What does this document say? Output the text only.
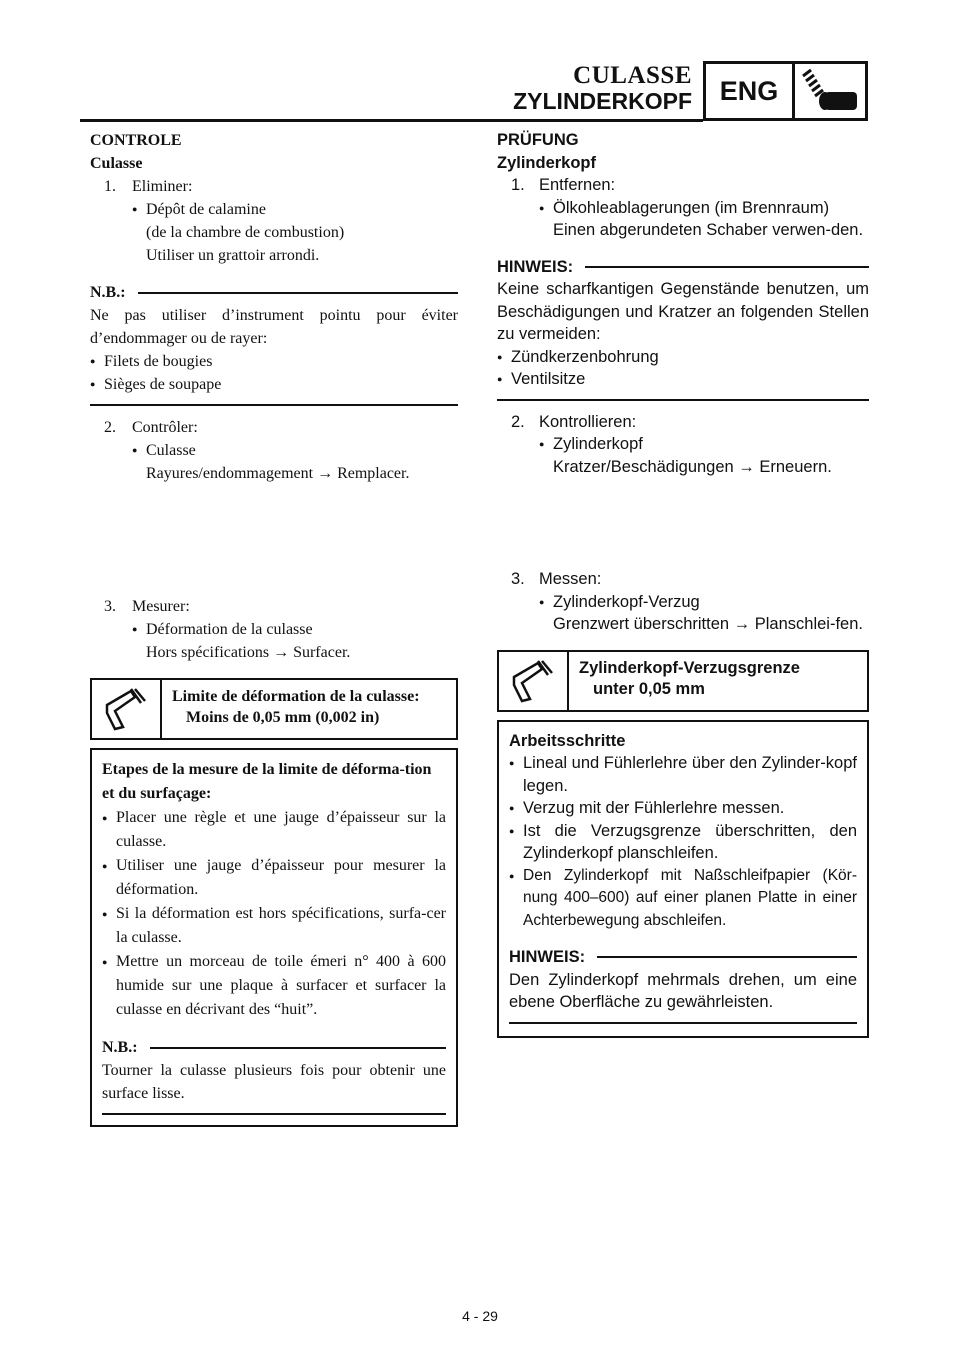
CULASSE
ZYLINDERKOPF	ENG
CONTROLE
Culasse
1. Eliminer:
● Dépôt de calamine
(de la chambre de combustion)
Utiliser un grattoir arrondi.
N.B.:
Ne pas utiliser d’instrument pointu pour éviter d’endommager ou de rayer:
● Filets de bougies
● Sièges de soupape
2. Contrôler:
● Culasse
Rayures/endommagement → Remplacer.
3. Mesurer:
● Déformation de la culasse
Hors spécifications → Surfacer.
Limite de déformation de la culasse:
Moins de 0,05 mm (0,002 in)
Etapes de la mesure de la limite de déforma-tion et du surfaçage:
● Placer une règle et une jauge d’épaisseur sur la culasse.
● Utiliser une jauge d’épaisseur pour mesurer la déformation.
● Si la déformation est hors spécifications, surfa-cer la culasse.
● Mettre un morceau de toile émeri n° 400 à 600 humide sur une plaque à surfacer et surfacer la culasse en décrivant des “huit”.
N.B.:
Tourner la culasse plusieurs fois pour obtenir une surface lisse.
PRÜFUNG
Zylinderkopf
1. Entfernen:
● Ölkohleablagerungen (im Brennraum)
Einen abgerundeten Schaber verwen-den.
HINWEIS:
Keine scharfkantigen Gegenstände benutzen, um Beschädigungen und Kratzer an folgenden Stellen zu vermeiden:
● Zündkerzenbohrung
● Ventilsitze
2. Kontrollieren:
● Zylinderkopf
Kratzer/Beschädigungen → Erneuern.
3. Messen:
● Zylinderkopf-Verzug
Grenzwert überschritten → Planschlei-fen.
Zylinderkopf-Verzugsgrenze
unter 0,05 mm
Arbeitsschritte
● Lineal und Fühlerlehre über den Zylinder-kopf legen.
● Verzug mit der Fühlerlehre messen.
● Ist die Verzugsgrenze überschritten, den Zylinderkopf planschleifen.
● Den Zylinderkopf mit Naßschleifpapier (Kör-nung 400–600) auf einer planen Platte in einer Achterbewegung abschleifen.
HINWEIS:
Den Zylinderkopf mehrmals drehen, um eine ebene Oberfläche zu gewährleisten.
4 - 29
